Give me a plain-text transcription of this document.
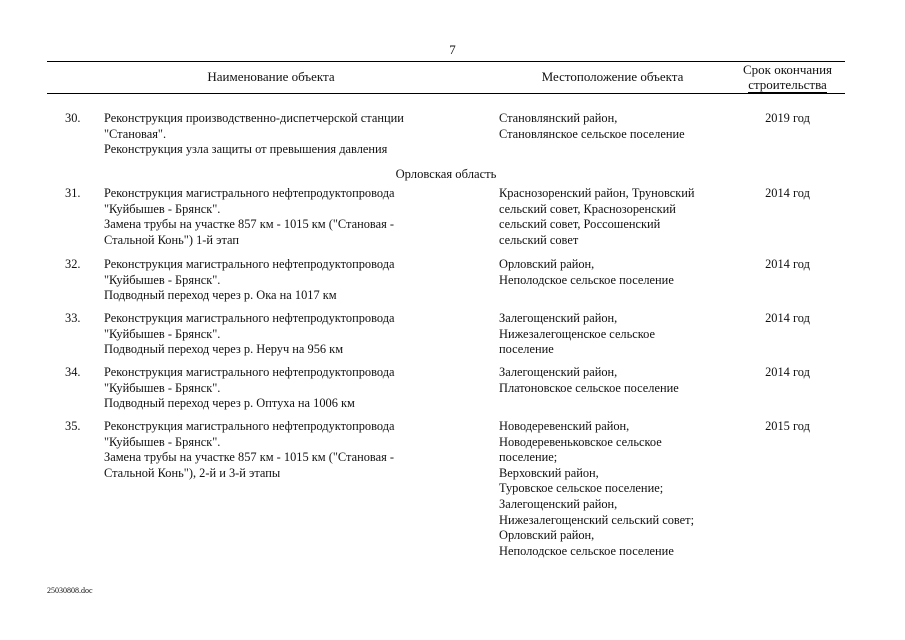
7
Наименование объекта	Местоположение объекта	Срок окончания
строительства
30. Реконструкция производственно-диспетчерской станции
"Становая".
Реконструкция узла защиты от превышения давления
Становлянский район,
Становлянское сельское поселение
2019 год
Орловская область
31. Реконструкция магистрального нефтепродуктопровода
"Куйбышев - Брянск".
Замена трубы на участке 857 км - 1015 км ("Становая -
Стальной Конь") 1-й этап
Краснозоренский район, Труновский
сельский совет, Краснозоренский
сельский совет, Россошенский
сельский совет
2014 год
32. Реконструкция магистрального нефтепродуктопровода
"Куйбышев - Брянск".
Подводный переход через р. Ока на 1017 км
Орловский район,
Неполодское сельское поселение
2014 год
33. Реконструкция магистрального нефтепродуктопровода
"Куйбышев - Брянск".
Подводный переход через р. Неруч на 956 км
Залегощенский район,
Нижезалегощенское сельское
поселение
2014 год
34. Реконструкция магистрального нефтепродуктопровода
"Куйбышев - Брянск".
Подводный переход через р. Оптуха на 1006 км
Залегощенский район,
Платоновское сельское поселение
2014 год
35. Реконструкция магистрального нефтепродуктопровода
"Куйбышев - Брянск".
Замена трубы на участке 857 км - 1015 км ("Становая -
Стальной Конь"), 2-й и 3-й этапы
Новодеревенский район,
Новодеревеньковское сельское
поселение;
Верховский район,
Туровское сельское поселение;
Залегощенский район,
Нижезалегощенский сельский совет;
Орловский район,
Неполодское сельское поселение
2015 год
25030808.doc
